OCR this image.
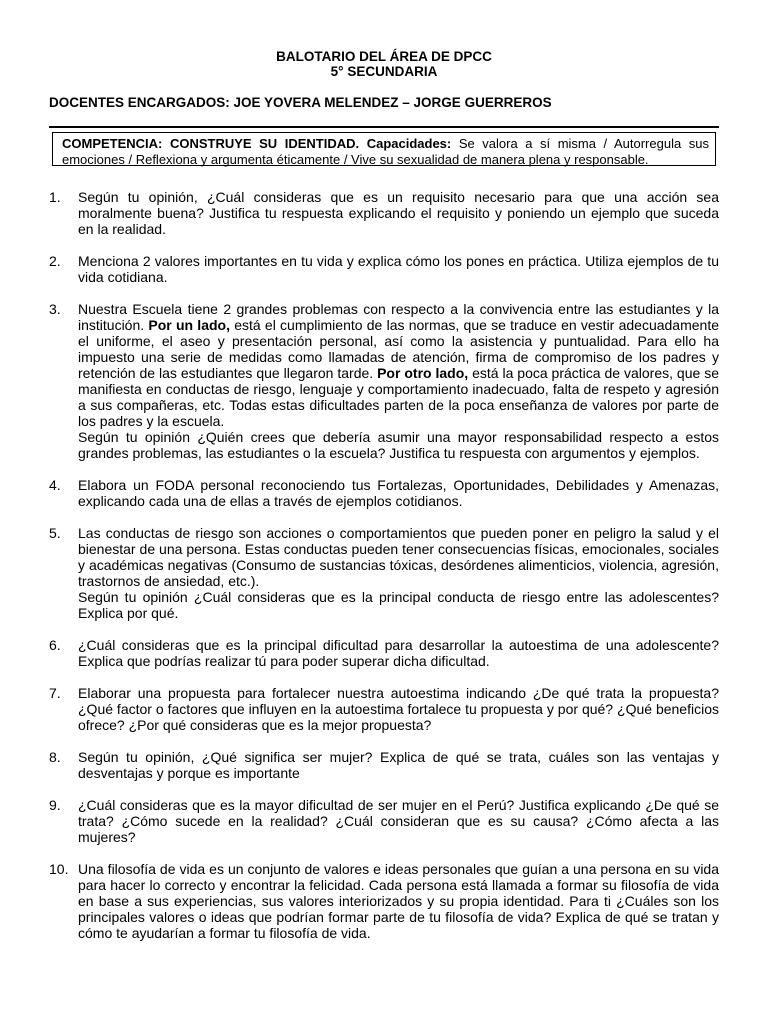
BALOTARIO DEL ÁREA DE DPCC
5° SECUNDARIA
DOCENTES ENCARGADOS: JOE YOVERA MELENDEZ – JORGE GUERREROS
COMPETENCIA: CONSTRUYE SU IDENTIDAD. Capacidades: Se valora a sí misma / Autorregula sus emociones / Reflexiona y argumenta éticamente / Vive su sexualidad de manera plena y responsable.
1.	Según tu opinión, ¿Cuál consideras que es un requisito necesario para que una acción sea moralmente buena? Justifica tu respuesta explicando el requisito y poniendo un ejemplo que suceda en la realidad.

2.	Menciona 2 valores importantes en tu vida y explica cómo los pones en práctica. Utiliza ejemplos de tu vida cotidiana.

3.	Nuestra Escuela tiene 2 grandes problemas con respecto a la convivencia entre las estudiantes y la institución. Por un lado, está el cumplimiento de las normas, que se traduce en vestir adecuadamente el uniforme, el aseo y presentación personal, así como la asistencia y puntualidad. Para ello ha impuesto una serie de medidas como llamadas de atención, firma de compromiso de los padres y retención de las estudiantes que llegaron tarde. Por otro lado, está la poca práctica de valores, que se manifiesta en conductas de riesgo, lenguaje y comportamiento inadecuado, falta de respeto y agresión a sus compañeras, etc. Todas estas dificultades parten de la poca enseñanza de valores por parte de los padres y la escuela.

Según tu opinión ¿Quién crees que debería asumir una mayor responsabilidad respecto a estos grandes problemas, las estudiantes o la escuela? Justifica tu respuesta con argumentos y ejemplos.

4.	Elabora un FODA personal reconociendo tus Fortalezas, Oportunidades, Debilidades y Amenazas, explicando cada una de ellas a través de ejemplos cotidianos.

5.	Las conductas de riesgo son acciones o comportamientos que pueden poner en peligro la salud y el bienestar de una persona. Estas conductas pueden tener consecuencias físicas, emocionales, sociales y académicas negativas (Consumo de sustancias tóxicas, desórdenes alimenticios, violencia, agresión, trastornos de ansiedad, etc.).

Según tu opinión ¿Cuál consideras que es la principal conducta de riesgo entre las adolescentes? Explica por qué.

6.	¿Cuál consideras que es la principal dificultad para desarrollar la autoestima de una adolescente? Explica que podrías realizar tú para poder superar dicha dificultad.

7.	Elaborar una propuesta para fortalecer nuestra autoestima indicando ¿De qué trata la propuesta? ¿Qué factor o factores que influyen en la autoestima fortalece tu propuesta y por qué? ¿Qué beneficios ofrece? ¿Por qué consideras que es la mejor propuesta?

8.	Según tu opinión, ¿Qué significa ser mujer? Explica de qué se trata, cuáles son las ventajas y desventajas y porque es importante

9.	¿Cuál consideras que es la mayor dificultad de ser mujer en el Perú? Justifica explicando ¿De qué se trata? ¿Cómo sucede en la realidad? ¿Cuál consideran que es su causa? ¿Cómo afecta a las mujeres?

10. Una filosofía de vida es un conjunto de valores e ideas personales que guían a una persona en su vida para hacer lo correcto y encontrar la felicidad. Cada persona está llamada a formar su filosofía de vida en base a sus experiencias, sus valores interiorizados y su propia identidad. Para ti ¿Cuáles son los principales valores o ideas que podrían formar parte de tu filosofía de vida? Explica de qué se tratan y cómo te ayudarían a formar tu filosofía de vida.
